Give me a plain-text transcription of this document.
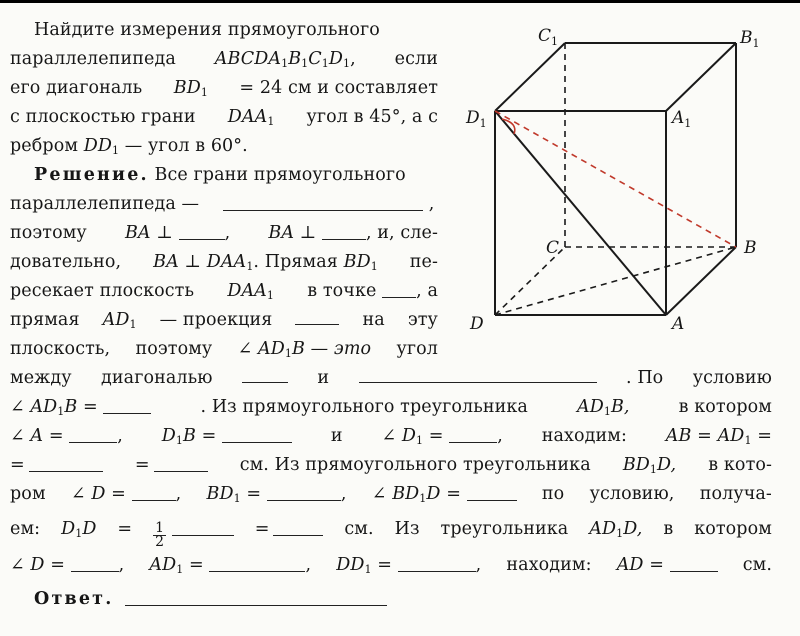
Найдите измерения прямоугольного
параллелепипеда $ABCDA_1B_1C_1D_1$, если
его диагональ $BD_1 = 24$ см и составляет
с плоскостью грани $DAA_1$ угол в 45°, а с
ребром $DD_1$ — угол в 60°.
Решение. Все грани прямоугольного
параллелепипеда —	,
поэтому BA ⊥	, BA ⊥	, и, сле-
довательно, BA ⊥ $DAA_1$. Прямая $BD_1$ пе-
ресекает плоскость $DAA_1$ в точке , а
прямая $AD_1$ — проекция	на эту
плоскость, поэтому ∠ $AD_1B$ — это угол
между диагональю	и	. По условию
∠ $AD_1B$ =	. Из прямоугольного треугольника	$AD_1B$,	в котором
∠ A =	, $D_1B$ =	и ∠ $D_1$ =	, находим: AB = $AD_1$ =
=	=	см. Из прямоугольного треугольника $BD_1D$, в кото-
ром ∠ D =	, $BD_1$ =	, ∠ $BD_1D$ =	по условию, получа-
ем: $D_1D = \frac{1}{2}$
	=	см. Из треугольника $AD_1D$, в котором
∠ D =	, $AD_1$ =	, $DD_1$ =	, находим: AD =	см.
Ответ.
$C_1$	$B_1$
$D_1$	$A_1$
C	B
D	A
